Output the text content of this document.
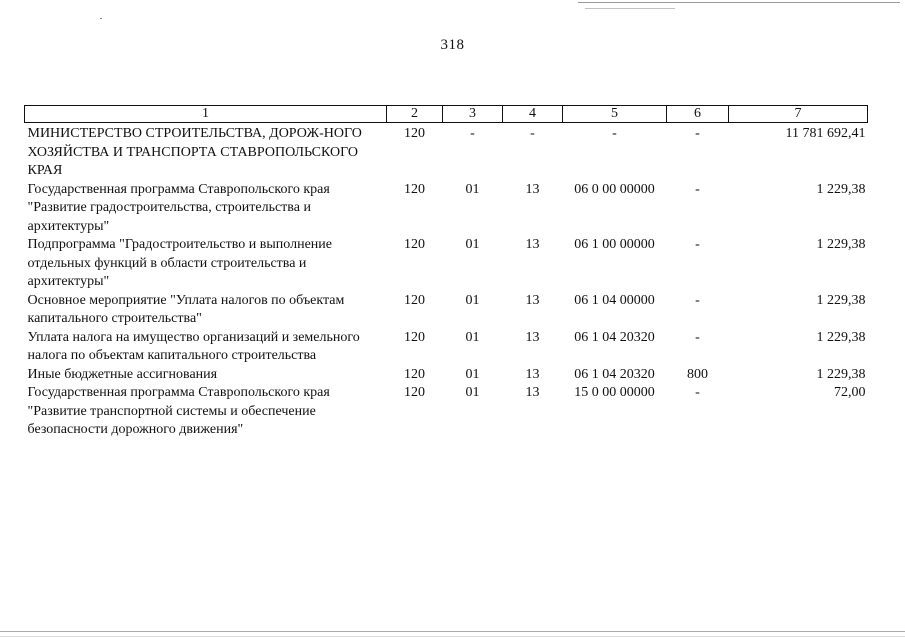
318
1	2	3	4	5	6	7
МИНИСТЕРСТВО СТРОИТЕЛЬСТВА, ДОРОЖ-НОГО ХОЗЯЙСТВА И ТРАНСПОРТА СТАВРОПОЛЬСКОГО КРАЯ	120	-	-	-	-	11 781 692,41
Государственная программа Ставропольского края "Развитие градостроительства, строительства и архитектуры"	120	01	13	06 0 00 00000	-	1 229,38
Подпрограмма "Градостроительство и выполнение отдельных функций в области строительства и архитектуры"	120	01	13	06 1 00 00000	-	1 229,38
Основное мероприятие "Уплата налогов по объектам капитального строительства"	120	01	13	06 1 04 00000	-	1 229,38
Уплата налога на имущество организаций и земельного налога по объектам капитального строительства	120	01	13	06 1 04 20320	-	1 229,38
Иные бюджетные ассигнования	120	01	13	06 1 04 20320	800	1 229,38
Государственная программа Ставропольского края "Развитие транспортной системы и обеспечение безопасности дорожного движения"	120	01	13	15 0 00 00000	-	72,00
